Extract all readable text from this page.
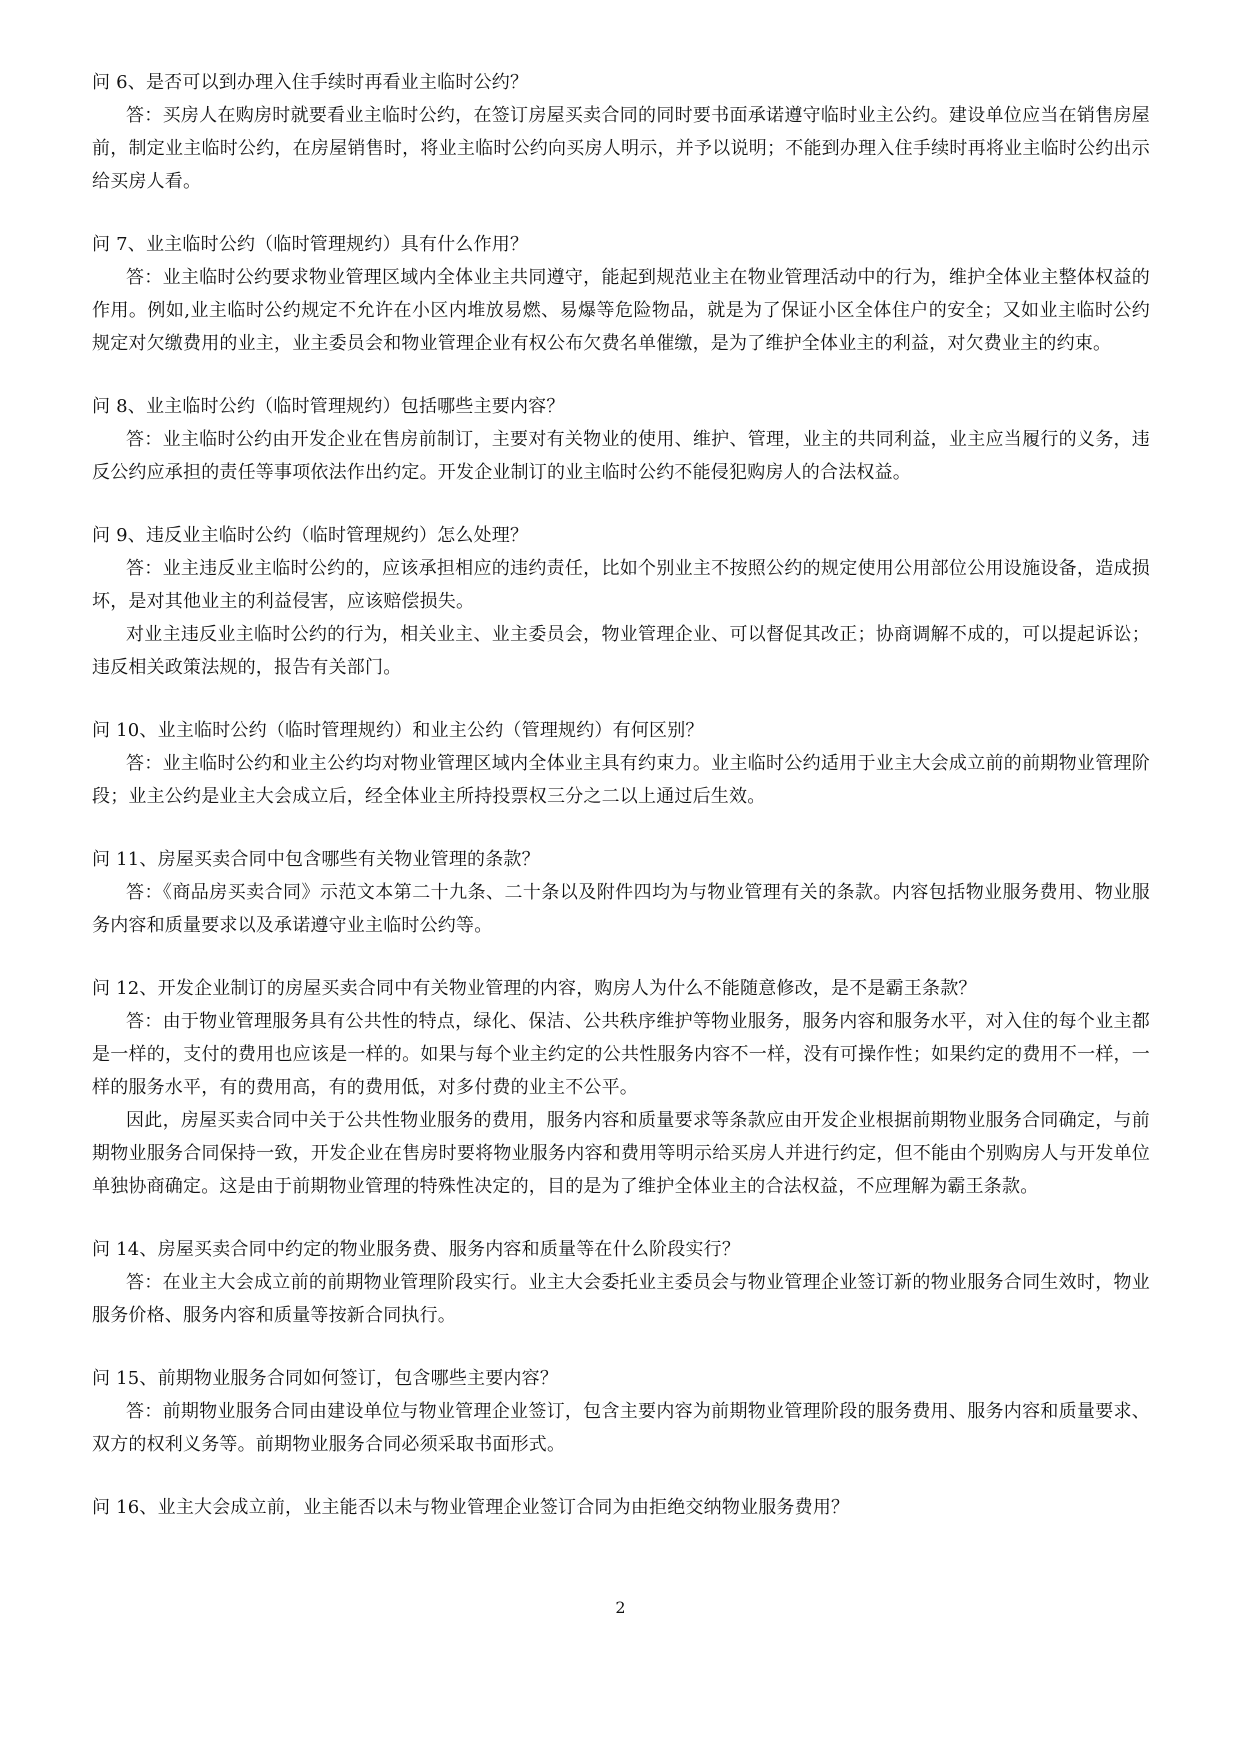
问 6、是否可以到办理入住手续时再看业主临时公约？

答：买房人在购房时就要看业主临时公约，在签订房屋买卖合同的同时要书面承诺遵守临时业主公约。建设单位应当在销售房屋前，制定业主临时公约，在房屋销售时，将业主临时公约向买房人明示，并予以说明；不能到办理入住手续时再将业主临时公约出示给买房人看。

问 7、业主临时公约（临时管理规约）具有什么作用？

答：业主临时公约要求物业管理区域内全体业主共同遵守，能起到规范业主在物业管理活动中的行为，维护全体业主整体权益的作用。例如,业主临时公约规定不允许在小区内堆放易燃、易爆等危险物品，就是为了保证小区全体住户的安全；又如业主临时公约规定对欠缴费用的业主，业主委员会和物业管理企业有权公布欠费名单催缴，是为了维护全体业主的利益，对欠费业主的约束。

问 8、业主临时公约（临时管理规约）包括哪些主要内容？

答：业主临时公约由开发企业在售房前制订，主要对有关物业的使用、维护、管理，业主的共同利益，业主应当履行的义务，违反公约应承担的责任等事项依法作出约定。开发企业制订的业主临时公约不能侵犯购房人的合法权益。

问 9、违反业主临时公约（临时管理规约）怎么处理？

答：业主违反业主临时公约的，应该承担相应的违约责任，比如个别业主不按照公约的规定使用公用部位公用设施设备，造成损坏，是对其他业主的利益侵害，应该赔偿损失。

对业主违反业主临时公约的行为，相关业主、业主委员会，物业管理企业、可以督促其改正；协商调解不成的，可以提起诉讼；违反相关政策法规的，报告有关部门。

问 10、业主临时公约（临时管理规约）和业主公约（管理规约）有何区别？

答：业主临时公约和业主公约均对物业管理区域内全体业主具有约束力。业主临时公约适用于业主大会成立前的前期物业管理阶段；业主公约是业主大会成立后，经全体业主所持投票权三分之二以上通过后生效。

问 11、房屋买卖合同中包含哪些有关物业管理的条款？

答：《商品房买卖合同》示范文本第二十九条、二十条以及附件四均为与物业管理有关的条款。内容包括物业服务费用、物业服务内容和质量要求以及承诺遵守业主临时公约等。

问 12、开发企业制订的房屋买卖合同中有关物业管理的内容，购房人为什么不能随意修改，是不是霸王条款？

答：由于物业管理服务具有公共性的特点，绿化、保洁、公共秩序维护等物业服务，服务内容和服务水平，对入住的每个业主都是一样的，支付的费用也应该是一样的。如果与每个业主约定的公共性服务内容不一样，没有可操作性；如果约定的费用不一样，一样的服务水平，有的费用高，有的费用低，对多付费的业主不公平。

因此，房屋买卖合同中关于公共性物业服务的费用，服务内容和质量要求等条款应由开发企业根据前期物业服务合同确定，与前期物业服务合同保持一致，开发企业在售房时要将物业服务内容和费用等明示给买房人并进行约定，但不能由个别购房人与开发单位单独协商确定。这是由于前期物业管理的特殊性决定的，目的是为了维护全体业主的合法权益，不应理解为霸王条款。

问 14、房屋买卖合同中约定的物业服务费、服务内容和质量等在什么阶段实行？

答：在业主大会成立前的前期物业管理阶段实行。业主大会委托业主委员会与物业管理企业签订新的物业服务合同生效时，物业服务价格、服务内容和质量等按新合同执行。

问 15、前期物业服务合同如何签订，包含哪些主要内容？

答：前期物业服务合同由建设单位与物业管理企业签订，包含主要内容为前期物业管理阶段的服务费用、服务内容和质量要求、双方的权利义务等。前期物业服务合同必须采取书面形式。

问 16、业主大会成立前，业主能否以未与物业管理企业签订合同为由拒绝交纳物业服务费用？

2
